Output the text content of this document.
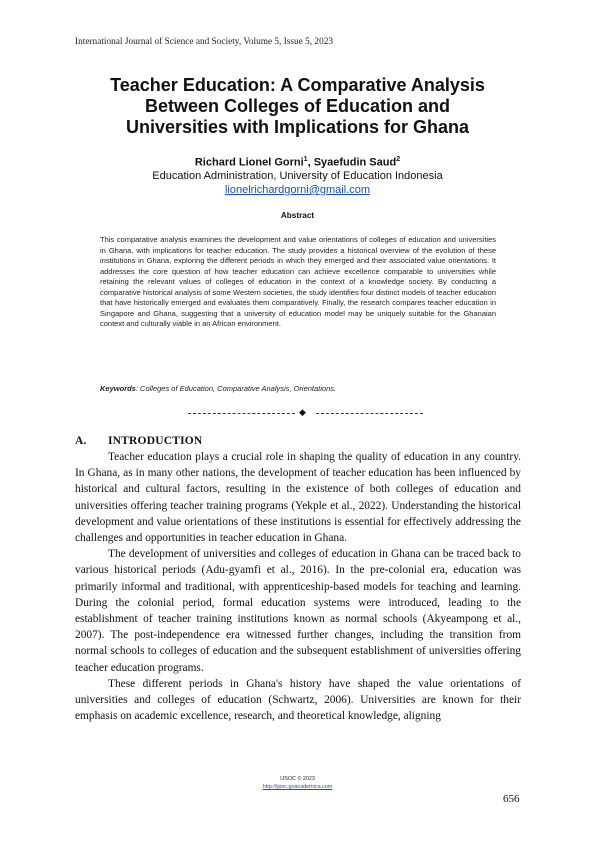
International Journal of Science and Society, Volume 5, Issue 5, 2023
Teacher Education: A Comparative Analysis
Between Colleges of Education and
Universities with Implications for Ghana
Richard Lionel Gorni$^1$, Syaefudin Saud$^2$
Education Administration, University of Education Indonesia
lionelrichardgorni@gmail.com
Abstract

This comparative analysis examines the development and value orientations of colleges of education and universities in Ghana, with implications for teacher education. The study provides a historical overview of the evolution of these institutions in Ghana, exploring the different periods in which they emerged and their associated value orientations. It addresses the core question of how teacher education can achieve excellence comparable to universities while retaining the relevant values of colleges of education in the context of a knowledge society. By conducting a comparative historical analysis of some Western societies, the study identifies four distinct models of teacher education that have historically emerged and evaluates them comparatively. Finally, the research compares teacher education in Singapore and Ghana, suggesting that a university of education model may be uniquely suitable for the Ghanaian context and culturally viable in an African environment.

Keywords: Colleges of Education, Comparative Analysis, Orientations.
◆
A. INTRODUCTION

Teacher education plays a crucial role in shaping the quality of education in any country. In Ghana, as in many other nations, the development of teacher education has been influenced by historical and cultural factors, resulting in the existence of both colleges of education and universities offering teacher training programs (Yekple et al., 2022). Understanding the historical development and value orientations of these institutions is essential for effectively addressing the challenges and opportunities in teacher education in Ghana.

The development of universities and colleges of education in Ghana can be traced back to various historical periods (Adu-gyamfi et al., 2016). In the pre-colonial era, education was primarily informal and traditional, with apprenticeship-based models for teaching and learning. During the colonial period, formal education systems were introduced, leading to the establishment of teacher training institutions known as normal schools (Akyeampong et al., 2007). The post-independence era witnessed further changes, including the transition from normal schools to colleges of education and the subsequent establishment of universities offering teacher education programs.

These different periods in Ghana's history have shaped the value orientations of universities and colleges of education (Schwartz, 2006). Universities are known for their emphasis on academic excellence, research, and theoretical knowledge, aligning

IJSOC © 2023
http://ijsoc.goacademica.com
656
